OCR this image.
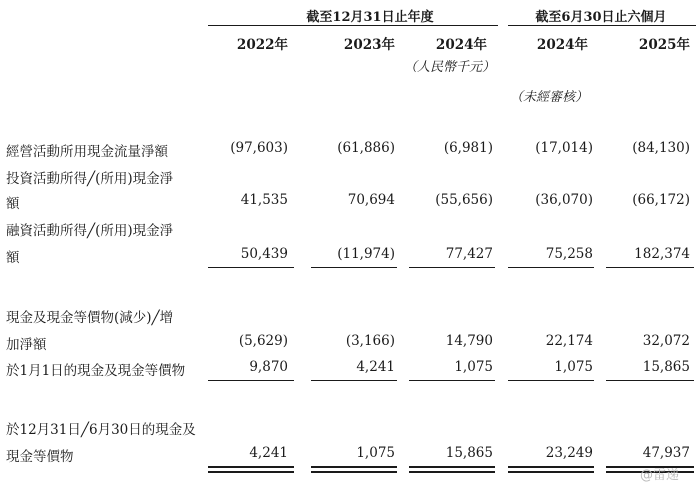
截至12月31日止年度	截至6月30日止六個月
2022年	2023年	2024年	2024年	2025年
（人民幣千元）
（未經審核）
經營活動所用現金流量淨額	(97,603)	(61,886)	(6,981)	(17,014)	(84,130)
投資活動所得╱(所用)現金淨
額	41,535	70,694	(55,656)	(36,070)	(66,172)
融資活動所得╱(所用)現金淨
額	50,439	(11,974)	77,427	75,258	182,374
現金及現金等價物(減少)╱增
加淨額	(5,629)	(3,166)	14,790	22,174	32,072
於1月1日的現金及現金等價物	9,870	4,241	1,075	1,075	15,865
於12月31日╱6月30日的現金及
現金等價物	4,241	1,075	15,865	23,249	47,937
@雷递
